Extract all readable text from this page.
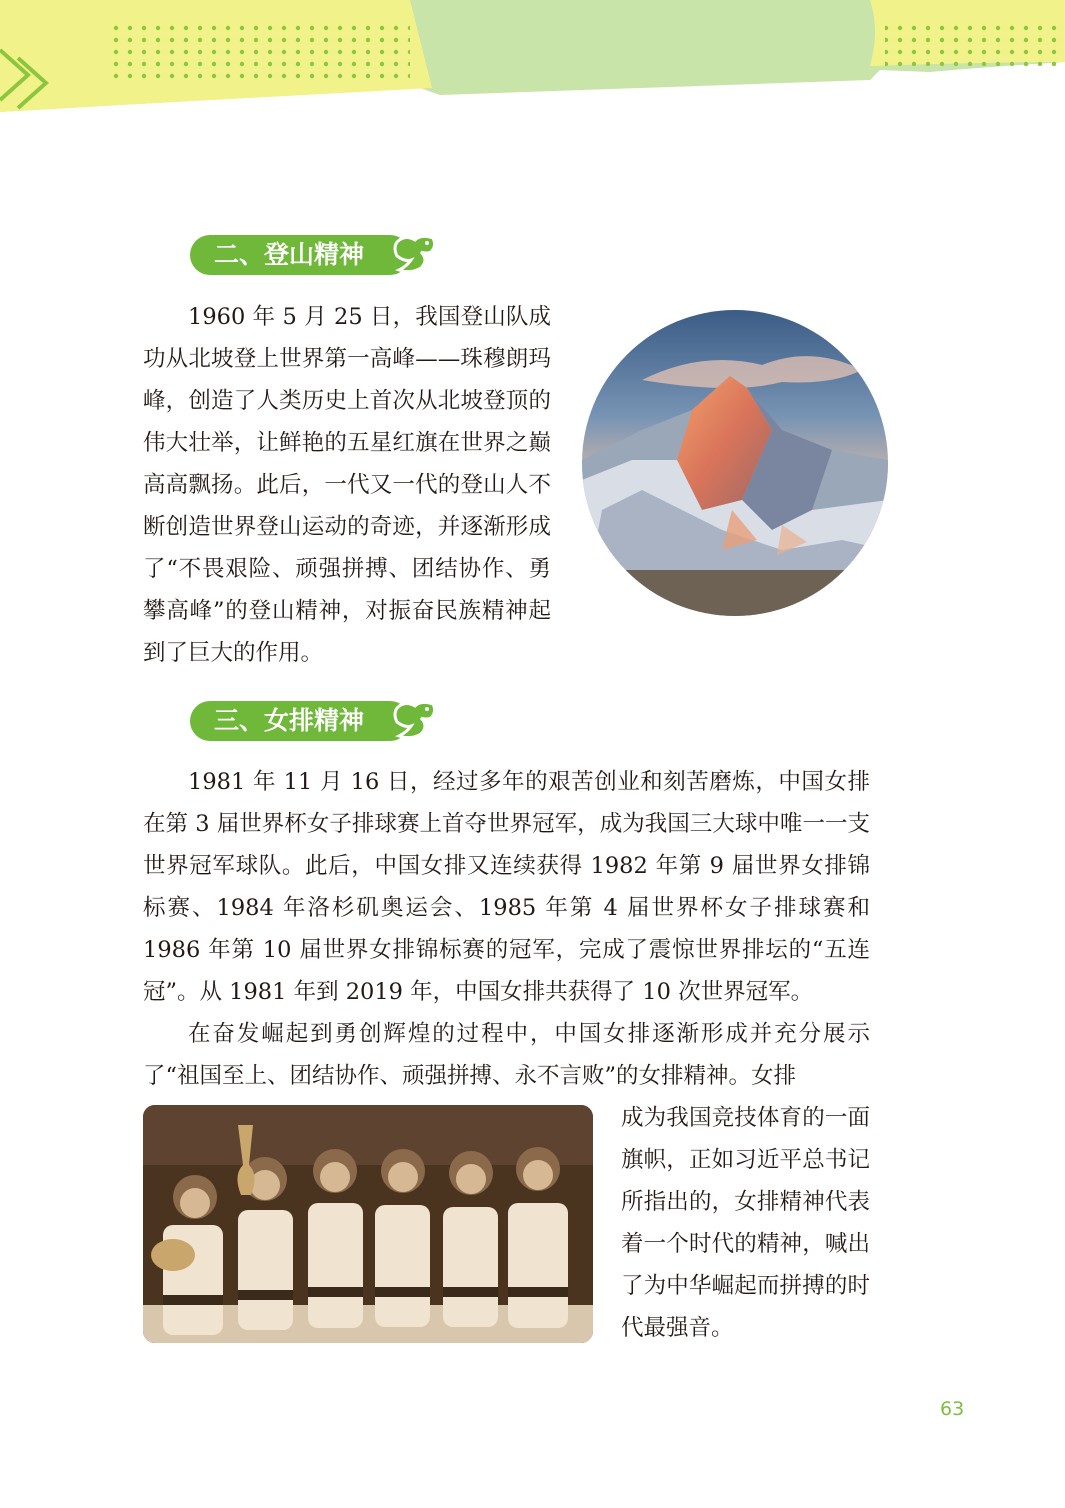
二、登山精神

1960 年 5 月 25 日，我国登山队成功从北坡登上世界第一高峰——珠穆朗玛峰，创造了人类历史上首次从北坡登顶的伟大壮举，让鲜艳的五星红旗在世界之巅高高飘扬。此后，一代又一代的登山人不断创造世界登山运动的奇迹，并逐渐形成了“不畏艰险、顽强拼搏、团结协作、勇攀高峰”的登山精神，对振奋民族精神起到了巨大的作用。

三、女排精神

1981 年 11 月 16 日，经过多年的艰苦创业和刻苦磨炼，中国女排在第 3 届世界杯女子排球赛上首夺世界冠军，成为我国三大球中唯一一支世界冠军球队。此后，中国女排又连续获得 1982 年第 9 届世界女排锦标赛、1984 年洛杉矶奥运会、1985 年第 4 届世界杯女子排球赛和 1986 年第 10 届世界女排锦标赛的冠军，完成了震惊世界排坛的“五连冠”。从 1981 年到 2019 年，中国女排共获得了 10 次世界冠军。

在奋发崛起到勇创辉煌的过程中，中国女排逐渐形成并充分展示了“祖国至上、团结协作、顽强拼搏、永不言败”的女排精神。女排

成为我国竞技体育的一面旗帜，正如习近平总书记所指出的，女排精神代表着一个时代的精神，喊出了为中华崛起而拼搏的时代最强音。

63
